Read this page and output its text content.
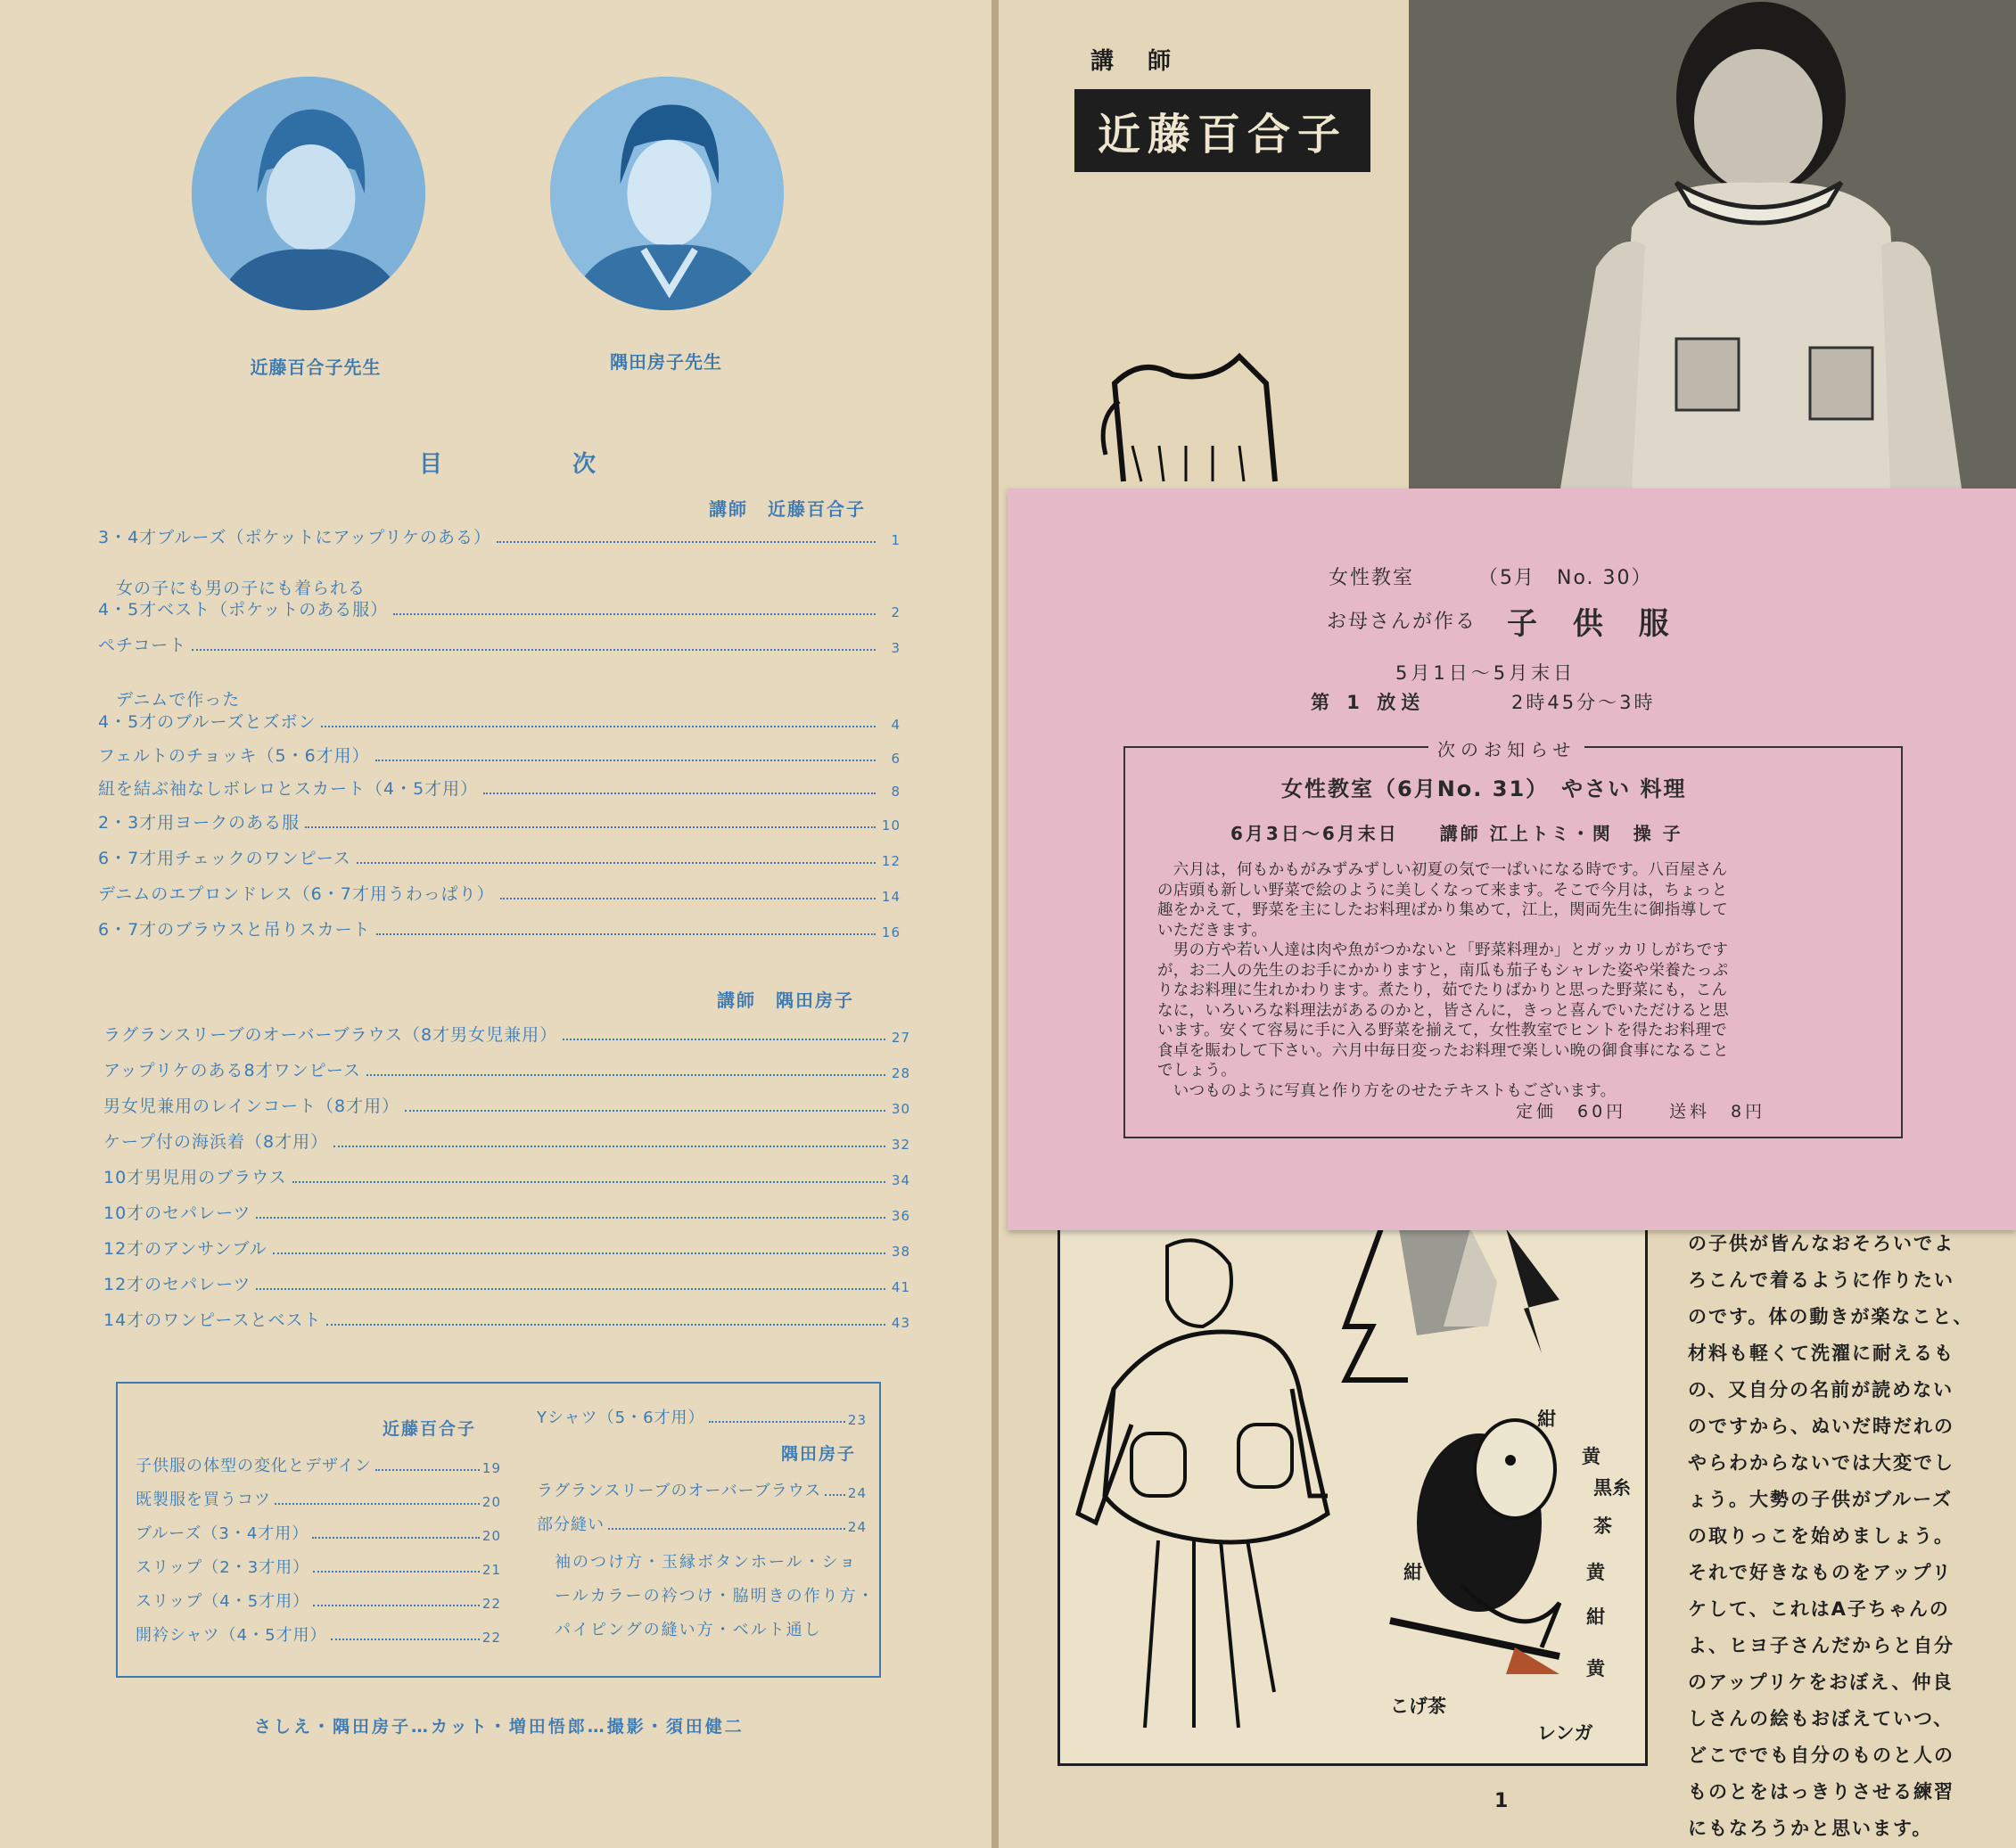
近藤百合子先生	隅田房子先生
目　次
講師　近藤百合子
3・4才ブルーズ（ポケットにアップリケのある）	1
女の子にも男の子にも着られる
4・5才ベスト（ポケットのある服）	2
ペチコート	3
デニムで作った
4・5才のブルーズとズボン	4
フェルトのチョッキ（5・6才用）	6
紐を結ぶ袖なしボレロとスカート（4・5才用）	8
2・3才用ヨークのある服	10
6・7才用チェックのワンピース	12
デニムのエプロンドレス（6・7才用うわっぱり）	14
6・7才のブラウスと吊りスカート	16
講師　隅田房子
ラグランスリーブのオーバーブラウス（8才男女児兼用）	27
アップリケのある8才ワンピース	28
男女児兼用のレインコート（8才用）	30
ケープ付の海浜着（8才用）	32
10才男児用のブラウス	34
10才のセパレーツ	36
12才のアンサンブル	38
12才のセパレーツ	41
14才のワンピースとベスト	43
近藤百合子
子供服の体型の変化とデザイン	19
既製服を買うコツ	20
ブルーズ（3・4才用）	20
スリップ（2・3才用）	21
スリップ（4・5才用）	22
開衿シャツ（4・5才用）	22
Yシャツ（5・6才用）	23
隅田房子
ラグランスリーブのオーバーブラウス 24
部分縫い	24
袖のつけ方・玉縁ボタンホール・ショ
ールカラーの衿つけ・脇明きの作り方・
パイピングの縫い方・ベルト通し
さしえ・隅田房子…カット・増田悟郎…撮影・須田健二
講　師
近藤百合子
紺
黄
黒糸
茶
黄
紺
紺
黄
こげ茶
レンガ
の子供が皆んなおそろいでよ
ろこんで着るように作りたい
のです。体の動きが楽なこと、
材料も軽くて洗濯に耐えるも
の、又自分の名前が読めない
のですから、ぬいだ時だれの
やらわからないでは大変でし
ょう。大勢の子供がブルーズ
の取りっこを始めましょう。
それで好きなものをアップリ
ケして、これはA子ちゃんの
よ、ヒヨ子さんだからと自分
のアップリケをおぼえ、仲良
しさんの絵もおぼえていつ、
どこででも自分のものと人の
ものとをはっきりさせる練習
にもなろうかと思います。
1
女性教室	（5月　No. 30）
お母さんが作る 子 供 服
5月1日～5月末日
第 1 放送	2時45分～3時
次のお知らせ
女性教室（6月No. 31）　やさい 料理
6月3日～6月末日　　講師 江上トミ・関　操 子
　六月は，何もかもがみずみずしい初夏の気で一ぱいになる時です。八百屋さん
の店頭も新しい野菜で絵のように美しくなって来ます。そこで今月は，ちょっと
趣をかえて，野菜を主にしたお料理ばかり集めて，江上，関両先生に御指導して
いただきます。
　男の方や若い人達は肉や魚がつかないと「野菜料理か」とガッカリしがちです
が，お二人の先生のお手にかかりますと，南瓜も茄子もシャレた姿や栄養たっぷ
りなお料理に生れかわります。煮たり，茹でたりばかりと思った野菜にも，こん
なに，いろいろな料理法があるのかと，皆さんに，きっと喜んでいただけると思
います。安くて容易に手に入る野菜を揃えて，女性教室でヒントを得たお料理で
食卓を賑わして下さい。六月中毎日変ったお料理で楽しい晩の御食事になること
でしょう。
　いつものように写真と作り方をのせたテキストもございます。
定価　60円	送料　8円
